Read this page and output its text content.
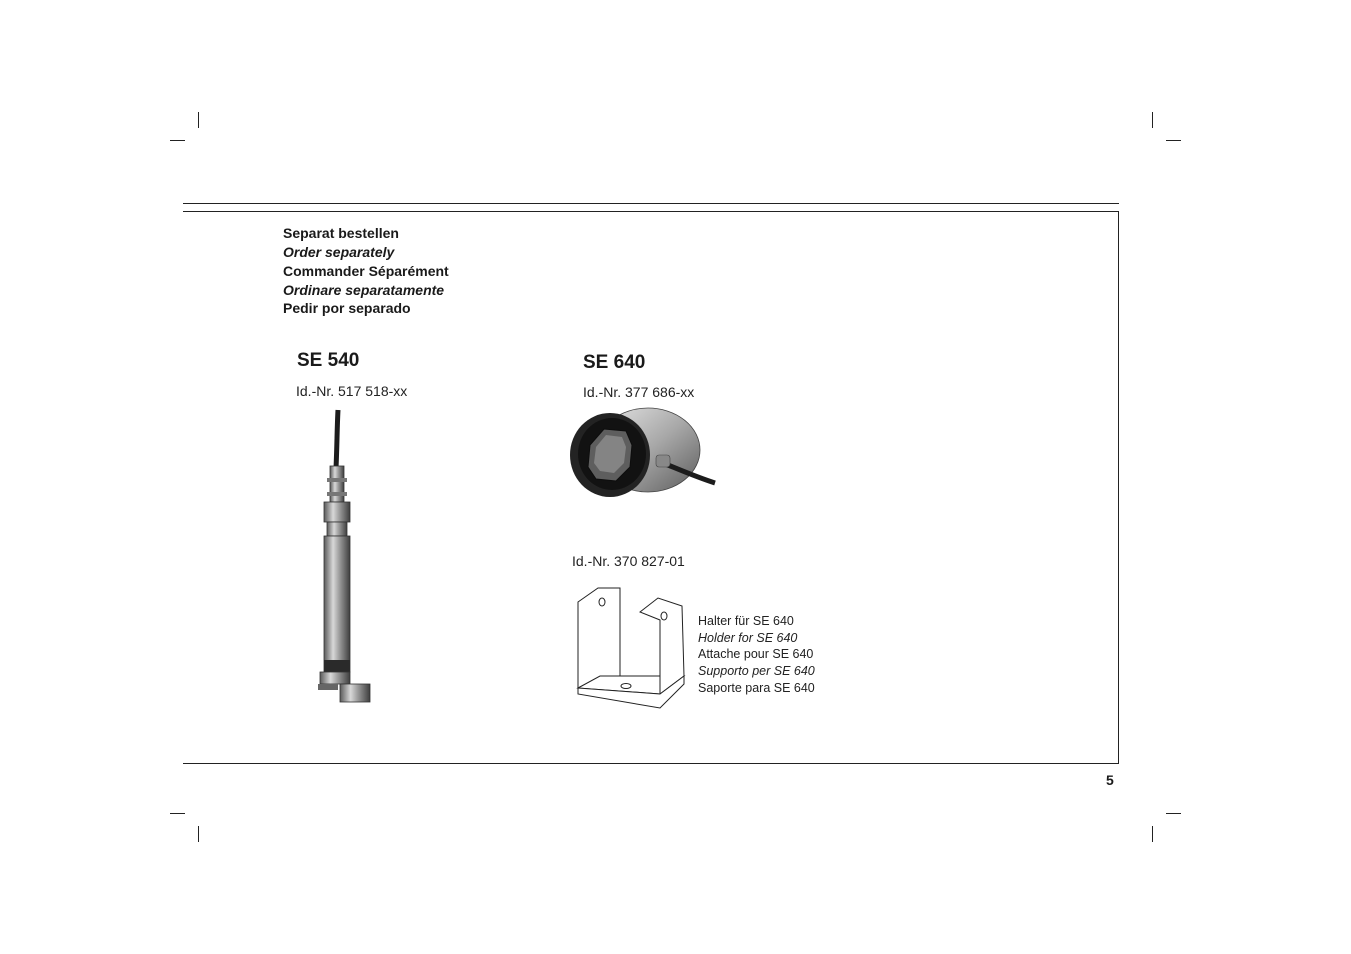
Separat bestellen
Order separately
Commander Séparément
Ordinare separatamente
Pedir por separado
SE 540
Id.-Nr. 517 518-xx
SE 640
Id.-Nr. 377 686-xx
Id.-Nr. 370 827-01
Halter für SE 640
Holder for SE 640
Attache pour SE 640
Supporto per SE 640
Saporte para SE 640
5
